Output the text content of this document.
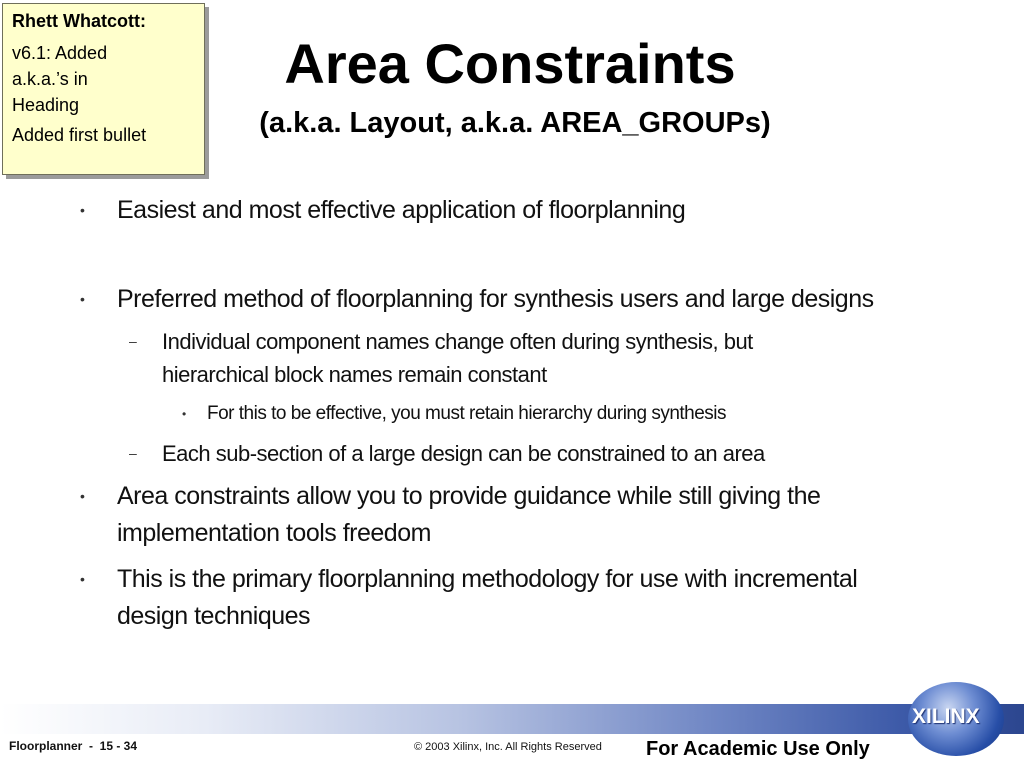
Rhett Whatcott:
v6.1: Added
a.k.a.’s in
Heading
Added first bullet
Area Constraints
(a.k.a. Layout, a.k.a. AREA_GROUPs)
• Easiest and most effective application of floorplanning
• Preferred method of floorplanning for synthesis users and large designs
– Individual component names change often during synthesis, but
hierarchical block names remain constant
• For this to be effective, you must retain hierarchy during synthesis
– Each sub-section of a large design can be constrained to an area
• Area constraints allow you to provide guidance while still giving the
implementation tools freedom
• This is the primary floorplanning methodology for use with incremental
design techniques
XILINX
Floorplanner  -  15 - 34	© 2003 Xilinx, Inc. All Rights Reserved For Academic Use Only
